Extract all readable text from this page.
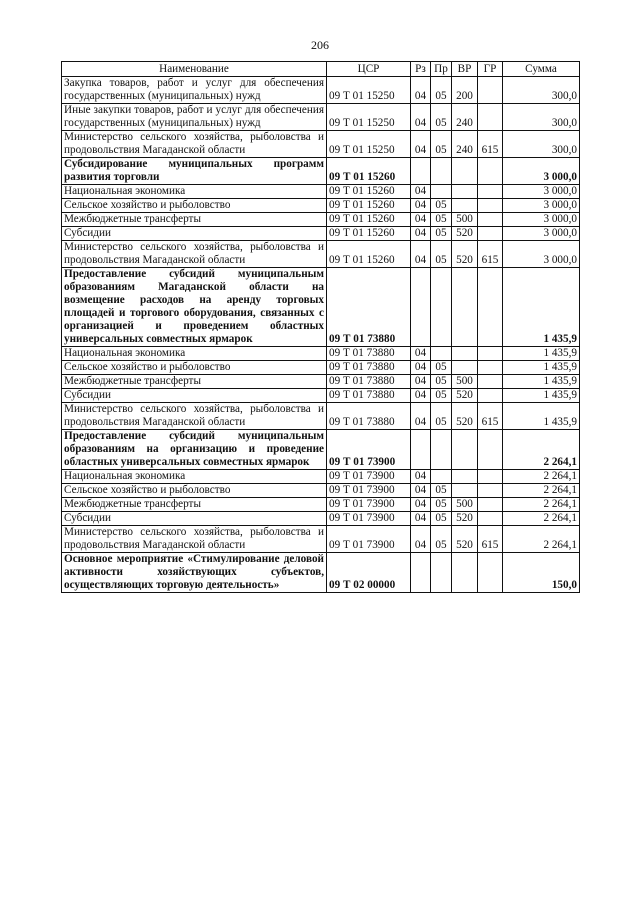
206
Наименование	ЦСР	Рз	Пр	ВР	ГР	Сумма
Закупка товаров, работ и услуг для обеспечения государственных (муниципальных) нужд	09 Т 01 15250	04	05	200		300,0
Иные закупки товаров, работ и услуг для обеспечения государственных (муниципальных) нужд	09 Т 01 15250	04	05	240		300,0
Министерство сельского хозяйства, рыболовства и продовольствия Магаданской области	09 Т 01 15250	04	05	240	615	300,0
Субсидирование муниципальных программ развития торговли	09 Т 01 15260					3 000,0
Национальная экономика	09 Т 01 15260	04				3 000,0
Сельское хозяйство и рыболовство	09 Т 01 15260	04	05			3 000,0
Межбюджетные трансферты	09 Т 01 15260	04	05	500		3 000,0
Субсидии	09 Т 01 15260	04	05	520		3 000,0
Министерство сельского хозяйства, рыболовства и продовольствия Магаданской области	09 Т 01 15260	04	05	520	615	3 000,0
Предоставление субсидий муниципальным образованиям Магаданской области на возмещение расходов на аренду торговых площадей и торгового оборудования, связанных с организацией и проведением областных универсальных совместных ярмарок	09 Т 01 73880					1 435,9
Национальная экономика	09 Т 01 73880	04				1 435,9
Сельское хозяйство и рыболовство	09 Т 01 73880	04	05			1 435,9
Межбюджетные трансферты	09 Т 01 73880	04	05	500		1 435,9
Субсидии	09 Т 01 73880	04	05	520		1 435,9
Министерство сельского хозяйства, рыболовства и продовольствия Магаданской области	09 Т 01 73880	04	05	520	615	1 435,9
Предоставление субсидий муниципальным образованиям на организацию и проведение областных универсальных совместных ярмарок	09 Т 01 73900					2 264,1
Национальная экономика	09 Т 01 73900	04				2 264,1
Сельское хозяйство и рыболовство	09 Т 01 73900	04	05			2 264,1
Межбюджетные трансферты	09 Т 01 73900	04	05	500		2 264,1
Субсидии	09 Т 01 73900	04	05	520		2 264,1
Министерство сельского хозяйства, рыболовства и продовольствия Магаданской области	09 Т 01 73900	04	05	520	615	2 264,1
Основное мероприятие «Стимулирование деловой активности хозяйствующих субъектов, осуществляющих торговую деятельность»	09 Т 02 00000					150,0
